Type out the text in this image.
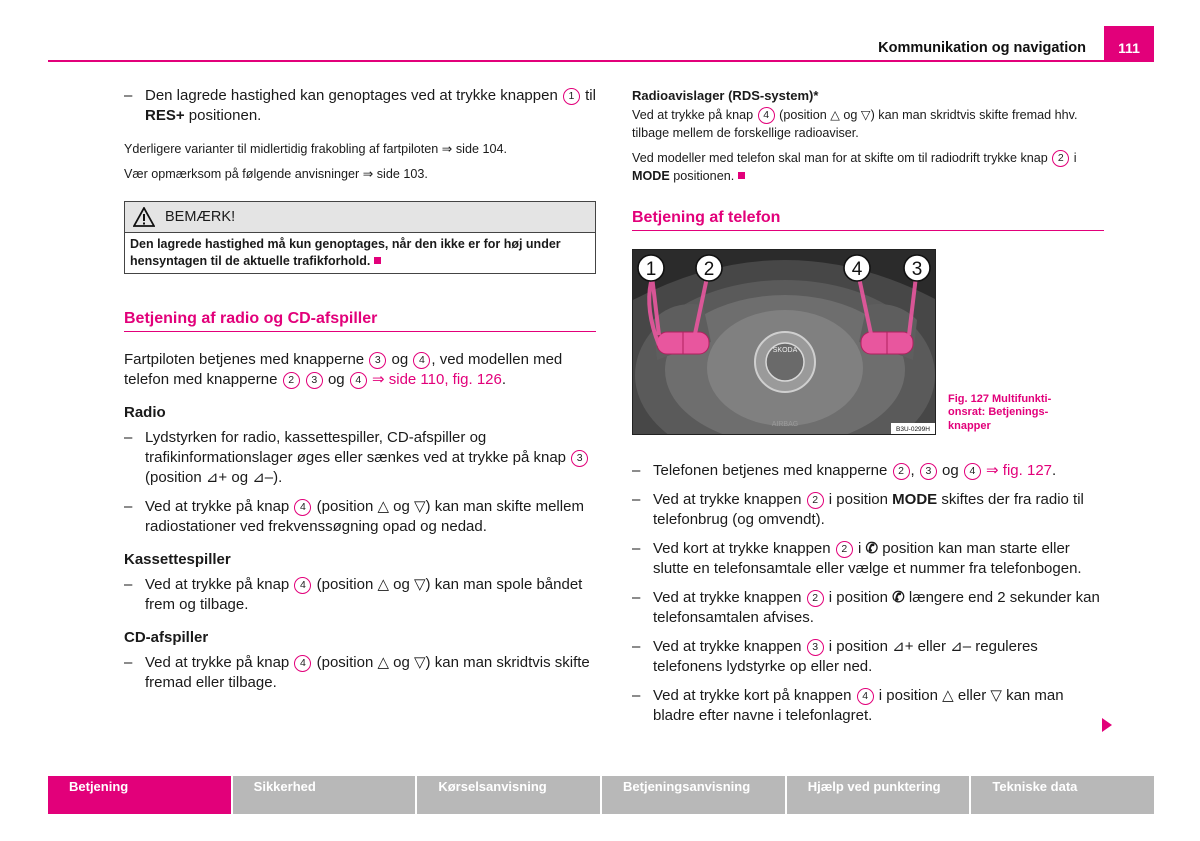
Kommunikation og navigation	111
– Den lagrede hastighed kan genoptages ved at trykke knappen 1 til RES+ positionen.
Yderligere varianter til midlertidig frakobling af fartpiloten ⇒ side 104.
Vær opmærksom på følgende anvisninger ⇒ side 103.
BEMÆRK!
Den lagrede hastighed må kun genoptages, når den ikke er for høj under hensyntagen til de aktuelle trafikforhold.
Betjening af radio og CD-afspiller
Fartpiloten betjenes med knapperne 3 og 4 , ved modellen med telefon med knapperne 2 3 og 4 ⇒ side 110, fig. 126.
Radio
– Lydstyrken for radio, kassettespiller, CD-afspiller og trafikinformationslager øges eller sænkes ved at trykke på knap 3 (position ⊿+ og ⊿–).
– Ved at trykke på knap 4 (position △ og ▽) kan man skifte mellem radiostationer ved frekvenssøgning opad og nedad.
Kassettespiller
– Ved at trykke på knap 4 (position △ og ▽) kan man spole båndet frem og tilbage.
CD-afspiller
– Ved at trykke på knap 4 (position △ og ▽) kan man skridtvis skifte fremad eller tilbage.
Radioavislager (RDS-system)*
Ved at trykke på knap 4 (position △ og ▽) kan man skridtvis skifte fremad hhv. tilbage mellem de forskellige radioaviser.
Ved modeller med telefon skal man for at skifte om til radiodrift trykke knap 2 i MODE positionen.
Betjening af telefon
SKODA
AIRBAG
1 2	4	3
B3U-0299H
Fig. 127 Multifunkti-
onsrat: Betjenings-
knapper
– Telefonen betjenes med knapperne 2 , 3 og 4 ⇒ fig. 127.
– Ved at trykke knappen 2 i position MODE skiftes der fra radio til telefonbrug (og omvendt).
– Ved kort at trykke knappen 2 i ✆ position kan man starte eller slutte en telefonsamtale eller vælge et nummer fra telefonbogen.
– Ved at trykke knappen 2 i position ✆ længere end 2 sekunder kan telefonsamtalen afvises.
– Ved at trykke knappen 3 i position ⊿+ eller ⊿– reguleres telefonens lydstyrke op eller ned.
– Ved at trykke kort på knappen 4 i position △ eller ▽ kan man bladre efter navne i telefonlagret.
Betjening	Sikkerhed	Kørselsanvisning	Betjeningsanvisning	Hjælp ved punktering	Tekniske data
